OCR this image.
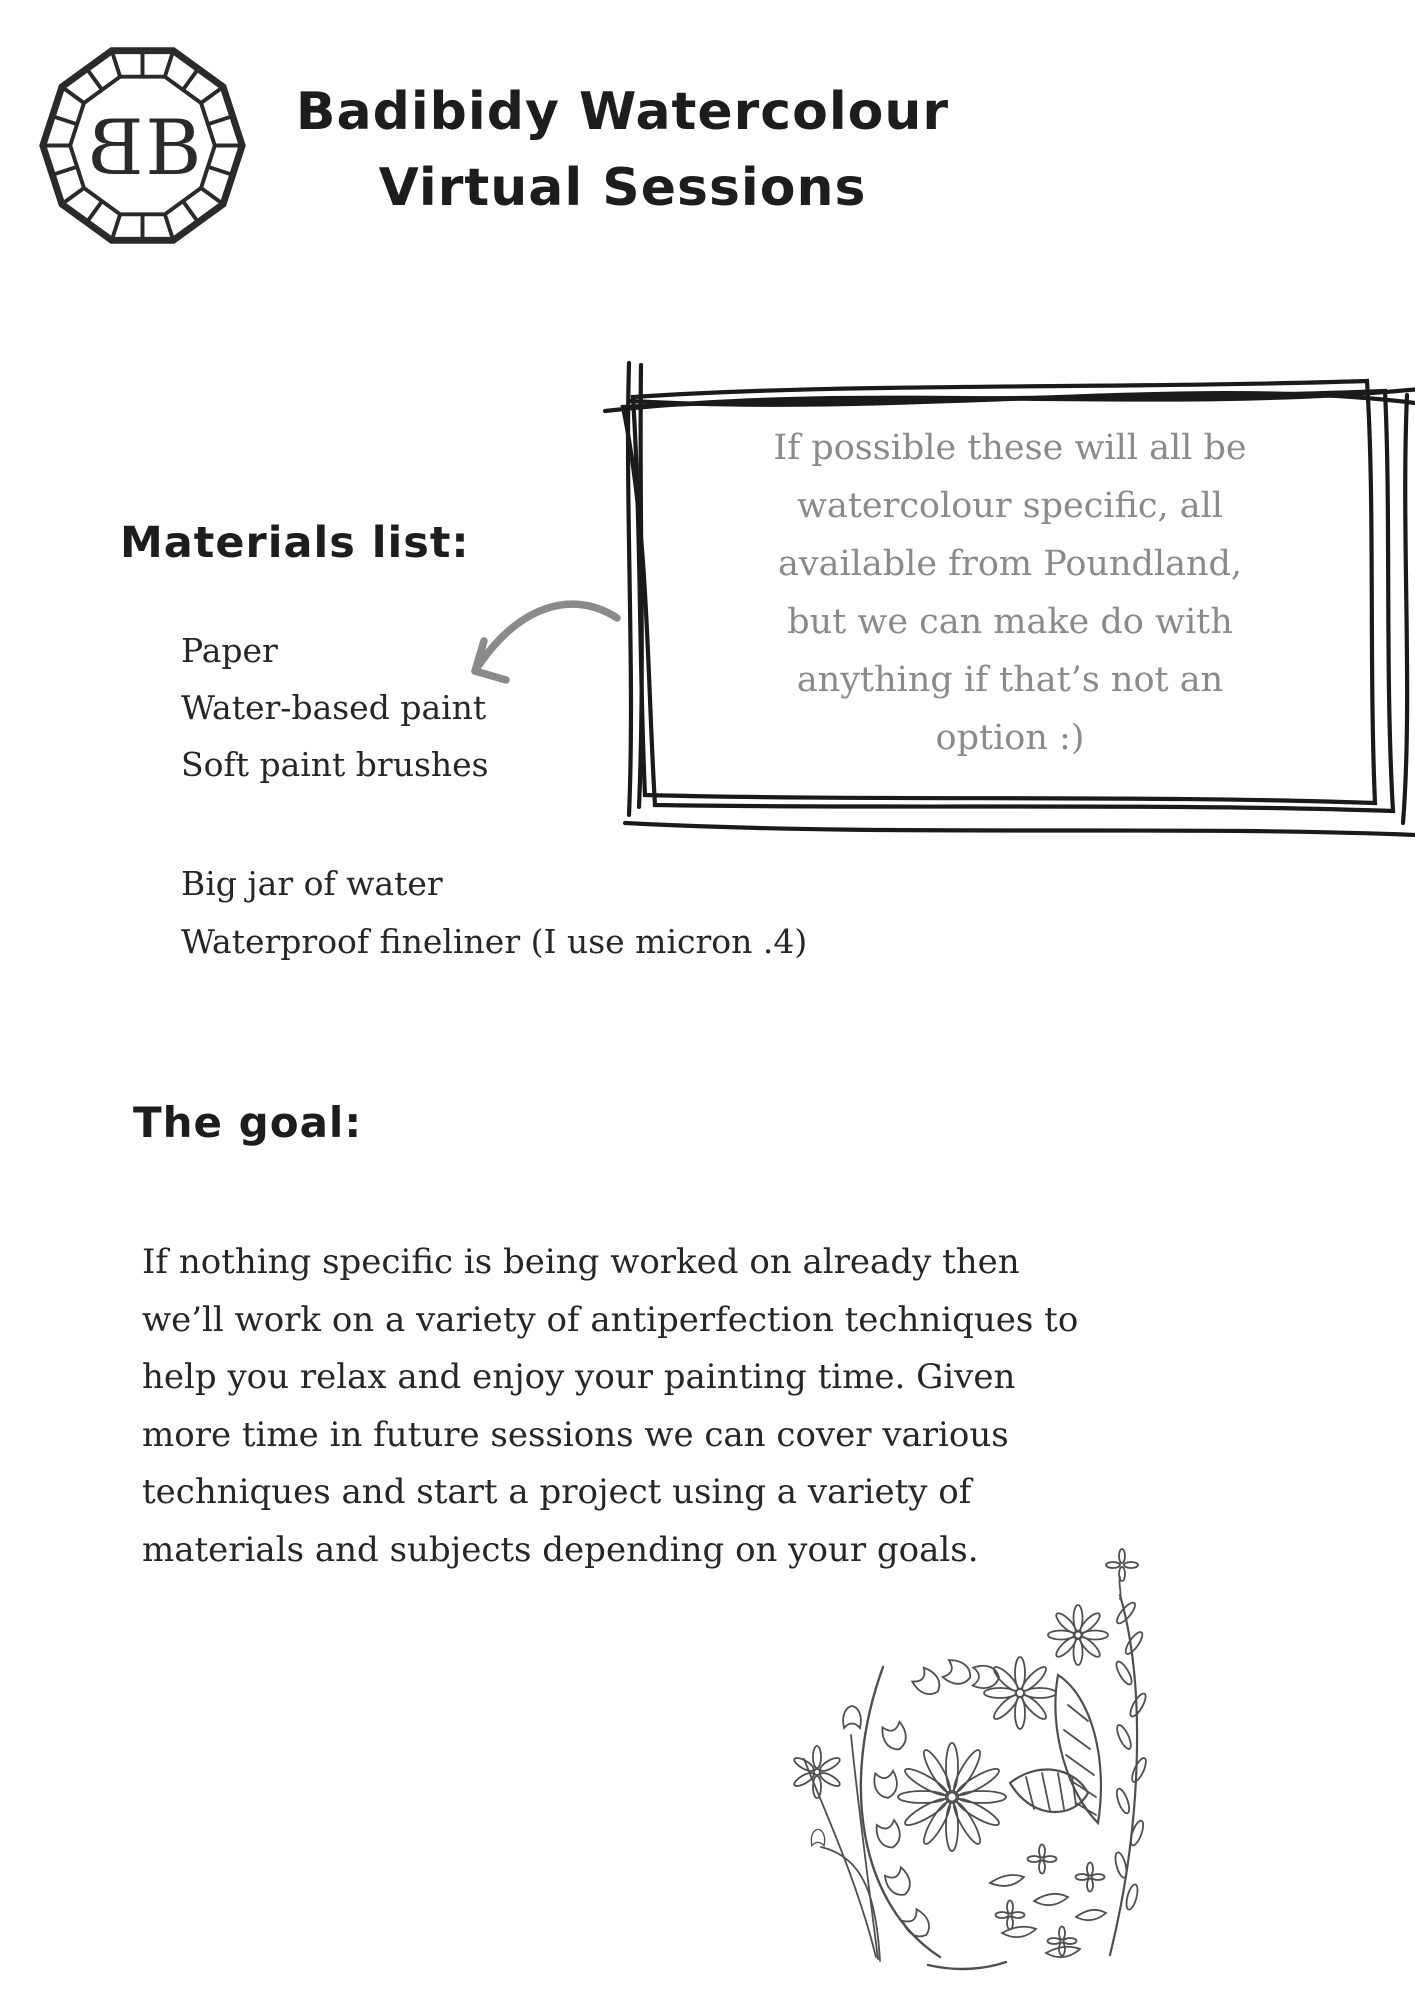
B B	Badibidy Watercolour
Virtual Sessions
If possible these will all be
watercolour specific, all
available from Poundland,
but we can make do with
anything if that’s not an
option :)
Materials list:
Paper
Water-based paint
Soft paint brushes
Big jar of water
Waterproof fineliner (I use micron .4)
The goal:
If nothing specific is being worked on already then
we’ll work on a variety of antiperfection techniques to
help you relax and enjoy your painting time. Given
more time in future sessions we can cover various
techniques and start a project using a variety of
materials and subjects depending on your goals.
